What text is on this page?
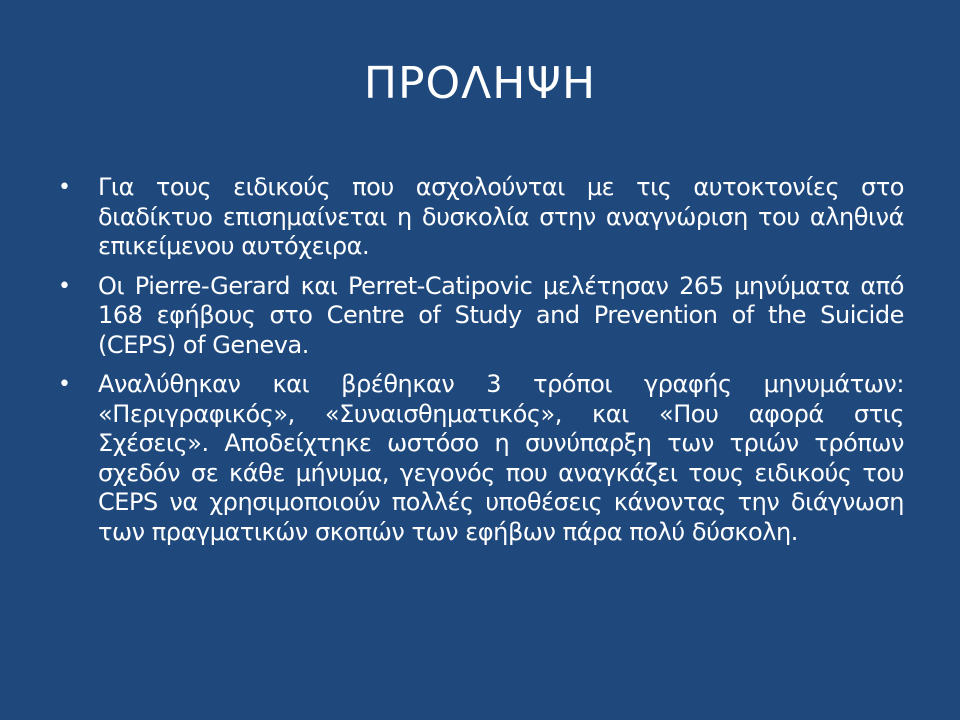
ΠΡΟΛΗΨΗ
• Για τους ειδικούς που ασχολούνται με τις αυτοκτονίες στο διαδίκτυο επισημαίνεται η δυσκολία στην αναγνώριση του αληθινά επικείμενου αυτόχειρα.
• Οι Pierre-Gerard και Perret-Catipovic μελέτησαν 265 μηνύματα από 168 εφήβους στο Centre of Study and Prevention of the Suicide (CEPS) of Geneva.
• Αναλύθηκαν και βρέθηκαν 3 τρόποι γραφής μηνυμάτων: «Περιγραφικός», «Συναισθηματικός», και «Που αφορά στις Σχέσεις». Αποδείχτηκε ωστόσο η συνύπαρξη των τριών τρόπων σχεδόν σε κάθε μήνυμα, γεγονός που αναγκάζει τους ειδικούς του CEPS να χρησιμοποιούν πολλές υποθέσεις κάνοντας την διάγνωση των πραγματικών σκοπών των εφήβων πάρα πολύ δύσκολη.
